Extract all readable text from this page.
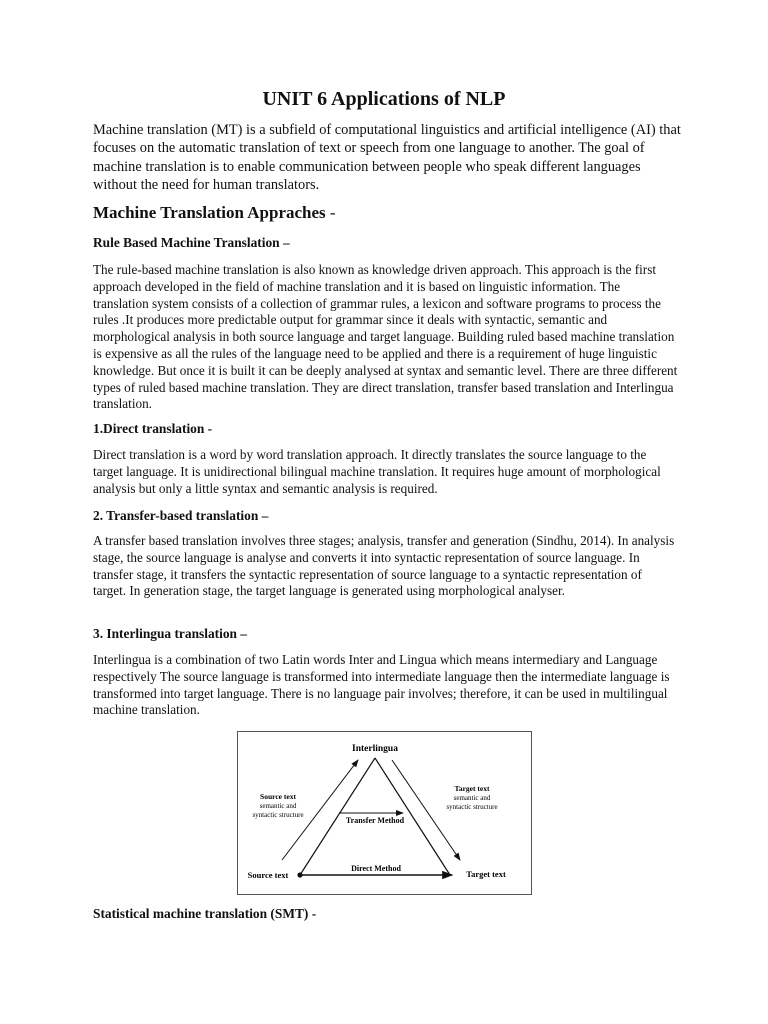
UNIT 6 Applications of NLP

Machine translation (MT) is a subfield of computational linguistics and artificial intelligence (AI) that focuses on the automatic translation of text or speech from one language to another. The goal of machine translation is to enable communication between people who speak different languages without the need for human translators.

Machine Translation Appraches -
Rule Based Machine Translation –

The rule-based machine translation is also known as knowledge driven approach. This approach is the first approach developed in the field of machine translation and it is based on linguistic information. The translation system consists of a collection of grammar rules, a lexicon and software programs to process the rules .It produces more predictable output for grammar since it deals with syntactic, semantic and morphological analysis in both source language and target language. Building ruled based machine translation is expensive as all the rules of the language need to be applied and there is a requirement of huge linguistic knowledge. But once it is built it can be deeply analysed at syntax and semantic level. There are three different types of ruled based machine translation. They are direct translation, transfer based translation and Interlingua translation.

1.Direct translation -

Direct translation is a word by word translation approach. It directly translates the source language to the target language. It is unidirectional bilingual machine translation. It requires huge amount of morphological analysis but only a little syntax and semantic analysis is required.

2. Transfer-based translation –

A transfer based translation involves three stages; analysis, transfer and generation (Sindhu, 2014). In analysis stage, the source language is analyse and converts it into syntactic representation of source language. In transfer stage, it transfers the syntactic representation of source language to a syntactic representation of target. In generation stage, the target language is generated using morphological analyser.

3. Interlingua translation –

Interlingua is a combination of two Latin words Inter and Lingua which means intermediary and Language respectively The source language is transformed into intermediate language then the intermediate language is transformed into target language. There is no language pair involves; therefore, it can be used in multilingual machine translation.

Interlingua
Source text
semantic and
syntactic structure
Target text
semantic and
syntactic structure
Transfer Method
Direct Method
Source text	Target text
Statistical machine translation (SMT) -
